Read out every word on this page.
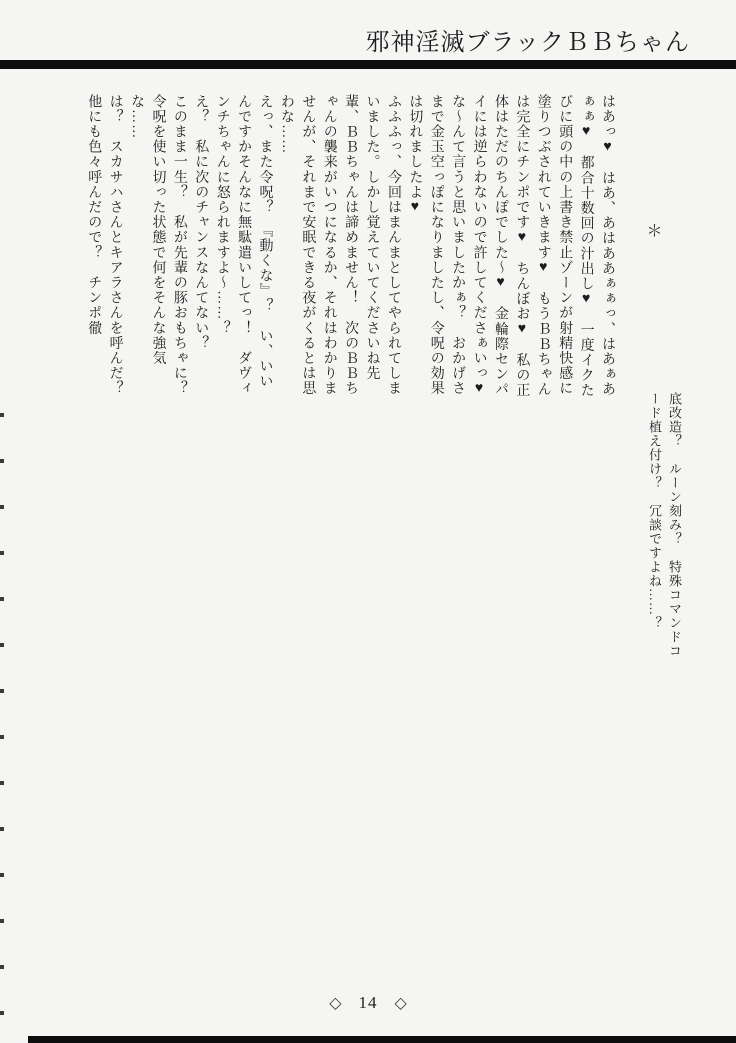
邪神淫滅ブラックＢＢちゃん
＊

はあっ♥　はあ、あはああぁぁっ、はあぁあぁぁ♥　都合十数回の汁出し♥　一度イクたびに頭の中の上書き禁止ゾーンが射精快感に塗りつぶされていきます♥　もうＢＢちゃんは完全にチンポです♥　ちんぼお♥　私の正体はただのちんぽでした～♥　金輪際センパイには逆らわないので許してくださぁいっ♥

な～んて言うと思いましたかぁ？　おかげさまで金玉空っぽになりましたし、令呪の効果は切れましたよ♥

ふふふっ、今回はまんまとしてやられてしまいました。しかし覚えていてくださいね先輩、ＢＢちゃんは諦めません！　次のＢＢちゃんの襲来がいつになるか、それはわかりませんが、それまで安眠できる夜がくるとは思わな……

えっ、また令呪？　『動くな』？　い、いいんですかそんなに無駄遣いしてっ！　ダヴィンチちゃんに怒られますよ～……？

え？　私に次のチャンスなんてない？

このまま一生？　私が先輩の豚おもちゃに？　令呪を使い切った状態で何をそんな強気な……

は？　スカサハさんとキアラさんを呼んだ？　他にも色々呼んだので？　チンポ徹

底改造？　ルーン刻み？　特殊コマンドコード植え付け？　冗談ですよね……？
◇ 14 ◇
